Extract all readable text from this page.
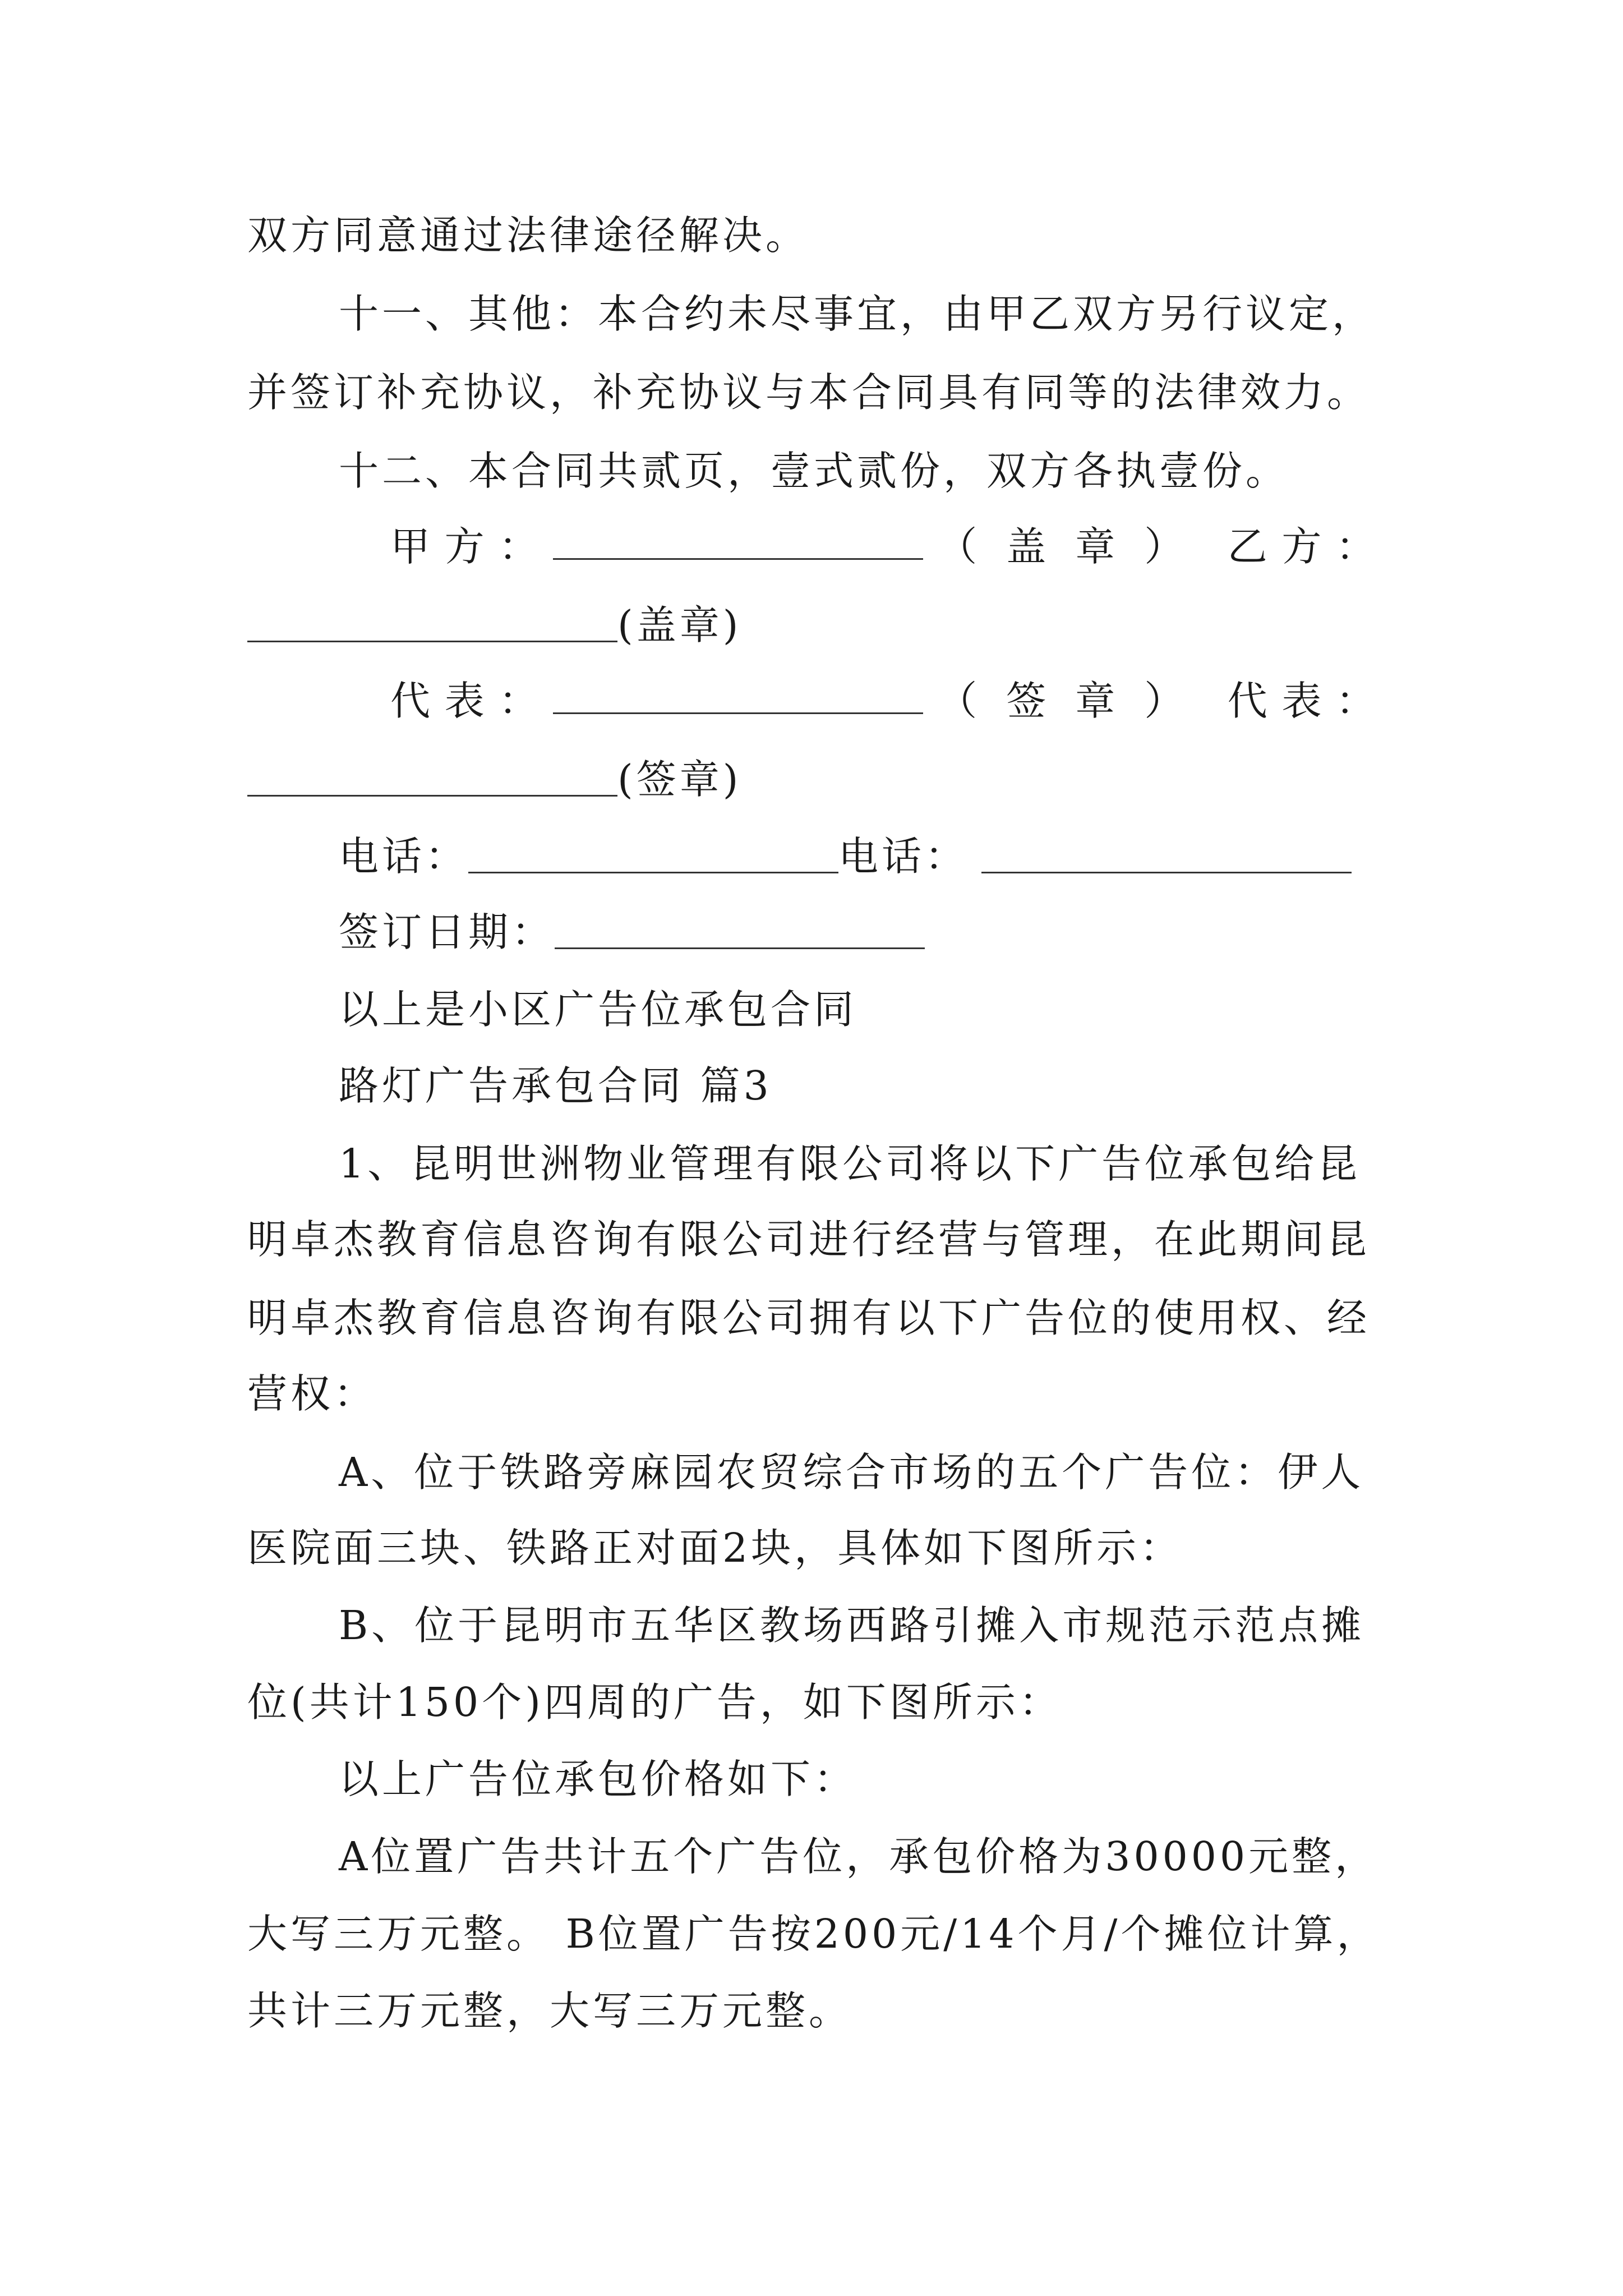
双方同意通过法律途径解决。
十一、其他：本合约未尽事宜，由甲乙双方另行议定，
并签订补充协议，补充协议与本合同具有同等的法律效力。
十二、本合同共贰页，壹式贰份，双方各执壹份。
甲 方 ：	（盖章） 乙 方 ：
(盖章)
代 表 ：	（签章） 代 表 ：
(签章)
电话：	电话：
签订日期：
以上是小区广告位承包合同
路灯广告承包合同 篇3
1、昆明世洲物业管理有限公司将以下广告位承包给昆
明卓杰教育信息咨询有限公司进行经营与管理，在此期间昆
明卓杰教育信息咨询有限公司拥有以下广告位的使用权、经
营权：
A、位于铁路旁麻园农贸综合市场的五个广告位：伊人
医院面三块、铁路正对面2块，具体如下图所示：
B、位于昆明市五华区教场西路引摊入市规范示范点摊
位(共计150个)四周的广告，如下图所示：
以上广告位承包价格如下：
A位置广告共计五个广告位，承包价格为30000元整，
大写三万元整。 B位置广告按200元/14个月/个摊位计算，
共计三万元整，大写三万元整。
